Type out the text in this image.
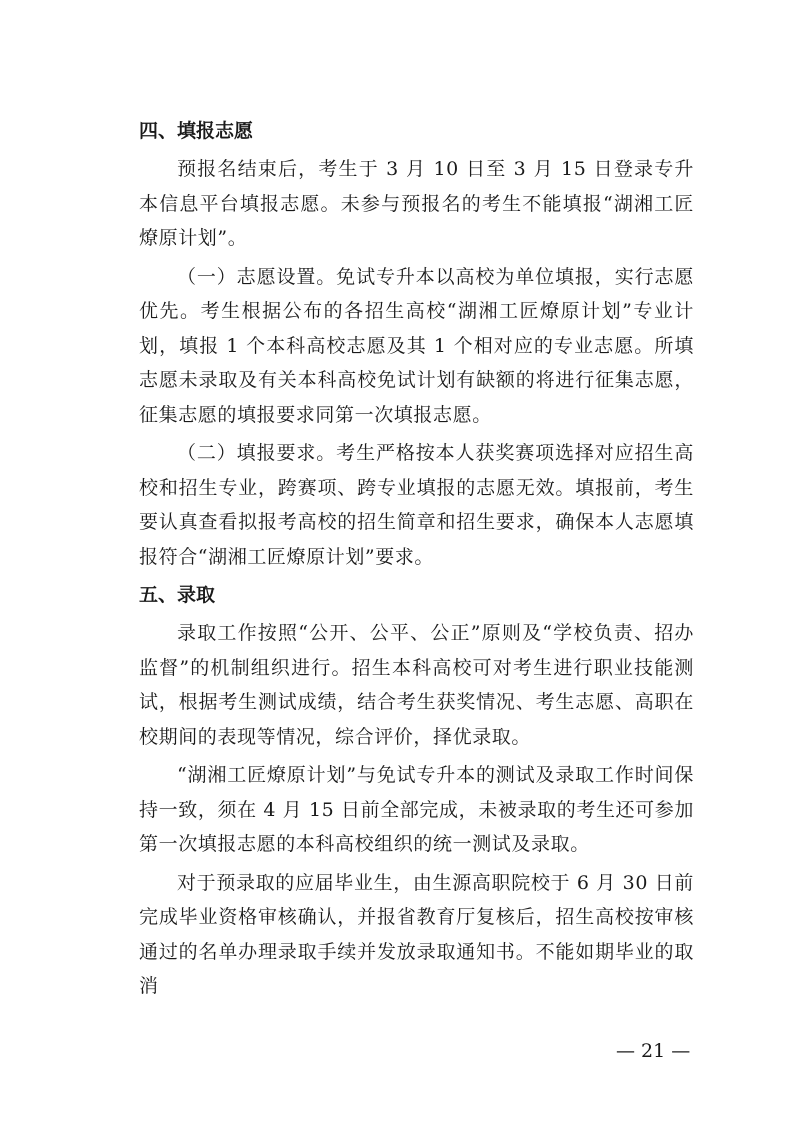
四、填报志愿

预报名结束后，考生于 3 月 10 日至 3 月 15 日登录专升本信息平台填报志愿。未参与预报名的考生不能填报“湖湘工匠燎原计划”。

（一）志愿设置。免试专升本以高校为单位填报，实行志愿优先。考生根据公布的各招生高校“湖湘工匠燎原计划”专业计划，填报 1 个本科高校志愿及其 1 个相对应的专业志愿。所填志愿未录取及有关本科高校免试计划有缺额的将进行征集志愿，征集志愿的填报要求同第一次填报志愿。

（二）填报要求。考生严格按本人获奖赛项选择对应招生高校和招生专业，跨赛项、跨专业填报的志愿无效。填报前，考生要认真查看拟报考高校的招生简章和招生要求，确保本人志愿填报符合“湖湘工匠燎原计划”要求。

五、录取

录取工作按照“公开、公平、公正”原则及“学校负责、招办监督”的机制组织进行。招生本科高校可对考生进行职业技能测试，根据考生测试成绩，结合考生获奖情况、考生志愿、高职在校期间的表现等情况，综合评价，择优录取。

“湖湘工匠燎原计划”与免试专升本的测试及录取工作时间保持一致，须在 4 月 15 日前全部完成，未被录取的考生还可参加第一次填报志愿的本科高校组织的统一测试及录取。

对于预录取的应届毕业生，由生源高职院校于 6 月 30 日前完成毕业资格审核确认，并报省教育厅复核后，招生高校按审核通过的名单办理录取手续并发放录取通知书。不能如期毕业的取消

— 21 —
